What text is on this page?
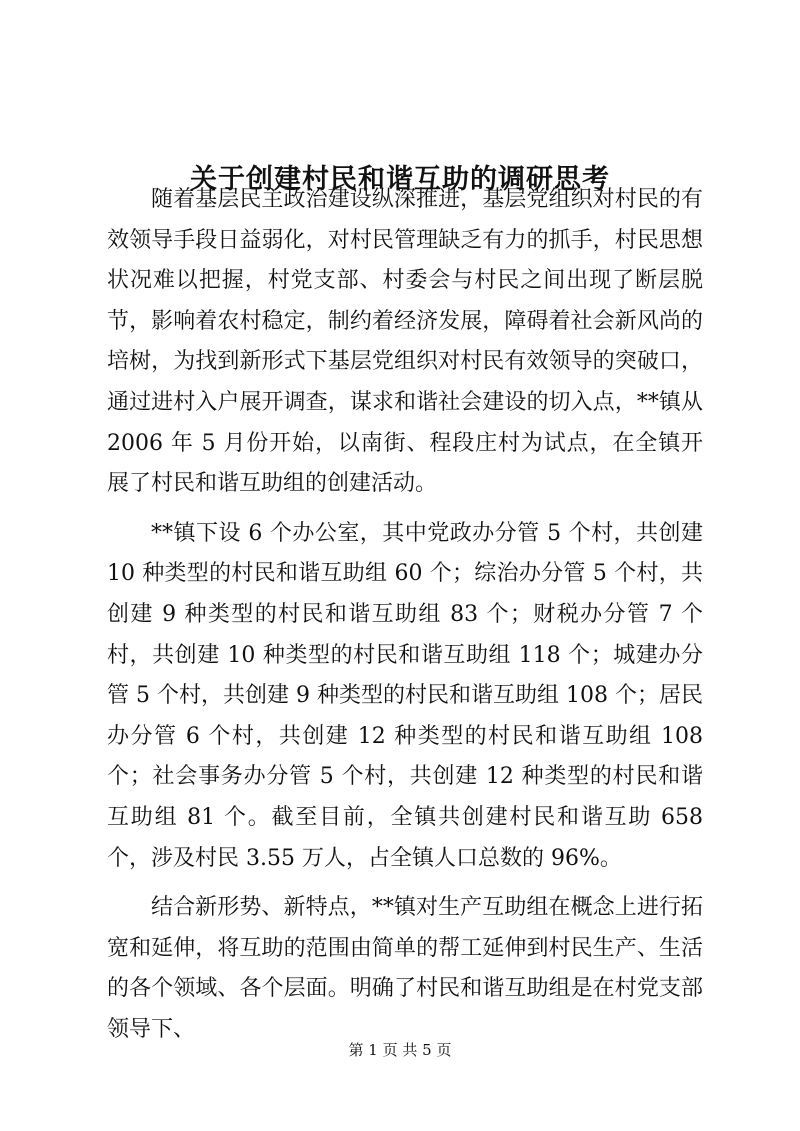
关于创建村民和谐互助的调研思考

随着基层民主政治建设纵深推进，基层党组织对村民的有效领导手段日益弱化，对村民管理缺乏有力的抓手，村民思想状况难以把握，村党支部、村委会与村民之间出现了断层脱节，影响着农村稳定，制约着经济发展，障碍着社会新风尚的培树，为找到新形式下基层党组织对村民有效领导的突破口，通过进村入户展开调查，谋求和谐社会建设的切入点，**镇从 2006 年 5 月份开始，以南街、程段庄村为试点，在全镇开展了村民和谐互助组的创建活动。

**镇下设 6 个办公室，其中党政办分管 5 个村，共创建 10 种类型的村民和谐互助组 60 个；综治办分管 5 个村，共创建 9 种类型的村民和谐互助组 83 个；财税办分管 7 个村，共创建 10 种类型的村民和谐互助组 118 个；城建办分管 5 个村，共创建 9 种类型的村民和谐互助组 108 个；居民办分管 6 个村，共创建 12 种类型的村民和谐互助组 108 个；社会事务办分管 5 个村，共创建 12 种类型的村民和谐互助组 81 个。截至目前，全镇共创建村民和谐互助 658 个，涉及村民 3.55 万人，占全镇人口总数的 96%。

结合新形势、新特点，**镇对生产互助组在概念上进行拓宽和延伸，将互助的范围由简单的帮工延伸到村民生产、生活的各个领域、各个层面。明确了村民和谐互助组是在村党支部领导下、

第 1 页 共 5 页
